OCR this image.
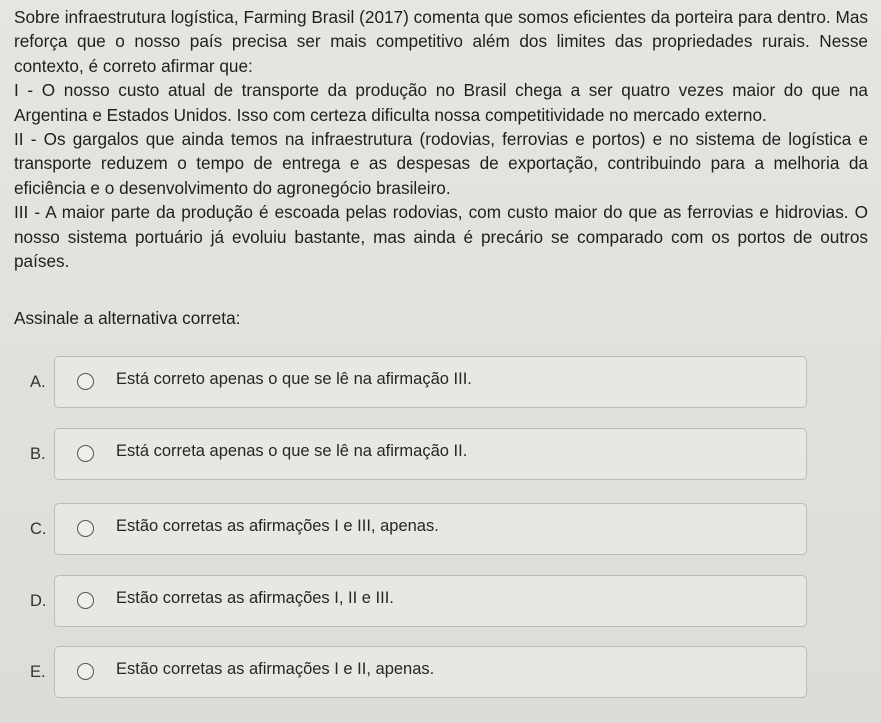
Sobre infraestrutura logística, Farming Brasil (2017) comenta que somos eficientes da porteira para dentro. Mas reforça que o nosso país precisa ser mais competitivo além dos limites das propriedades rurais. Nesse contexto, é correto afirmar que:

I - O nosso custo atual de transporte da produção no Brasil chega a ser quatro vezes maior do que na Argentina e Estados Unidos. Isso com certeza dificulta nossa competitividade no mercado externo.

II - Os gargalos que ainda temos na infraestrutura (rodovias, ferrovias e portos) e no sistema de logística e transporte reduzem o tempo de entrega e as despesas de exportação, contribuindo para a melhoria da eficiência e o desenvolvimento do agronegócio brasileiro.

III - A maior parte da produção é escoada pelas rodovias, com custo maior do que as ferrovias e hidrovias. O nosso sistema portuário já evoluiu bastante, mas ainda é precário se comparado com os portos de outros países.

Assinale a alternativa correta:
A.	Está correto apenas o que se lê na afirmação III.
B.	Está correta apenas o que se lê na afirmação II.
C.	Estão corretas as afirmações I e III, apenas.
D.	Estão corretas as afirmações I, II e III.
E.	Estão corretas as afirmações I e II, apenas.
